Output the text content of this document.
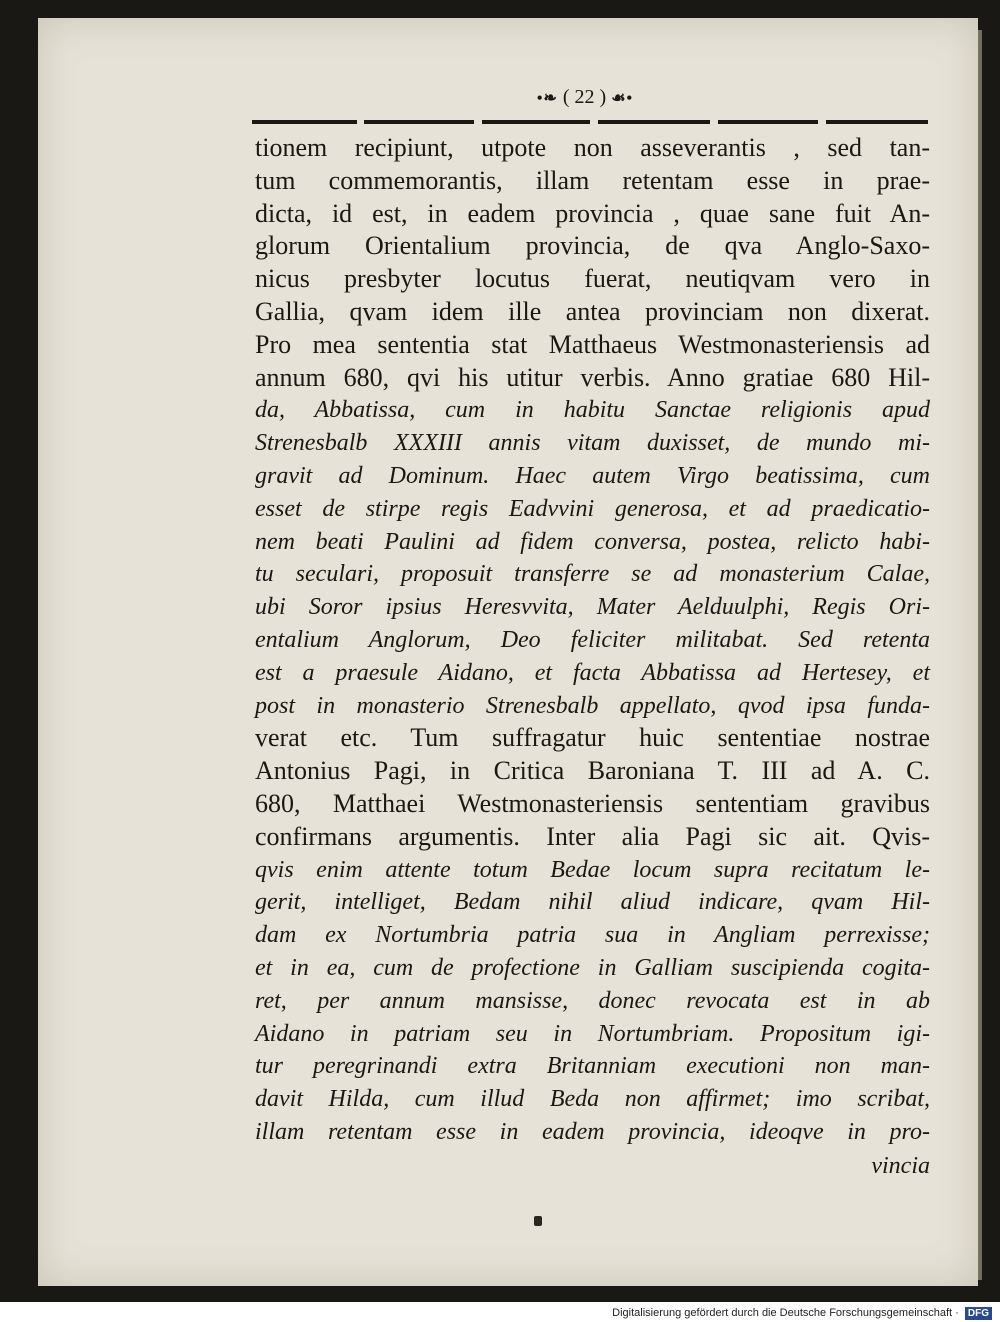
•❧ ( 22 ) ☙•
tionem recipiunt, utpote non asseverantis , sed tan-
tum commemorantis, illam retentam esse in prae-
dicta, id est, in eadem provincia , quae sane fuit An-
glorum Orientalium provincia, de qva Anglo-Saxo-
nicus presbyter locutus fuerat, neutiqvam vero in
Gallia, qvam idem ille antea provinciam non dixerat.
Pro mea sententia stat Matthaeus Westmonasteriensis ad
annum 680, qvi his utitur verbis. Anno gratiae 680 Hil-
da, Abbatissa, cum in habitu Sanctae religionis apud
Strenesbalb XXXIII annis vitam duxisset, de mundo mi-
gravit ad Dominum. Haec autem Virgo beatissima, cum
esset de stirpe regis Eadvvini generosa, et ad praedicatio-
nem beati Paulini ad fidem conversa, postea, relicto habi-
tu seculari, proposuit transferre se ad monasterium Calae,
ubi Soror ipsius Heresvvita, Mater Aelduulphi, Regis Ori-
entalium Anglorum, Deo feliciter militabat. Sed retenta
est a praesule Aidano, et facta Abbatissa ad Hertesey, et
post in monasterio Strenesbalb appellato, qvod ipsa funda-
verat etc. Tum suffragatur huic sententiae nostrae
Antonius Pagi, in Critica Baroniana T. III ad A. C.
680, Matthaei Westmonasteriensis sententiam gravibus
confirmans argumentis. Inter alia Pagi sic ait. Qvis-
qvis enim attente totum Bedae locum supra recitatum le-
gerit, intelliget, Bedam nihil aliud indicare, qvam Hil-
dam ex Nortumbria patria sua in Angliam perrexisse;
et in ea, cum de profectione in Galliam suscipienda cogita-
ret, per annum mansisse, donec revocata est in ab
Aidano in patriam seu in Nortumbriam. Propositum igi-
tur peregrinandi extra Britanniam executioni non man-
davit Hilda, cum illud Beda non affirmet; imo scribat,
illam retentam esse in eadem provincia, ideoqve in pro-
vincia
Digitalisierung gefördert durch die Deutsche Forschungsgemeinschaft · DFG
